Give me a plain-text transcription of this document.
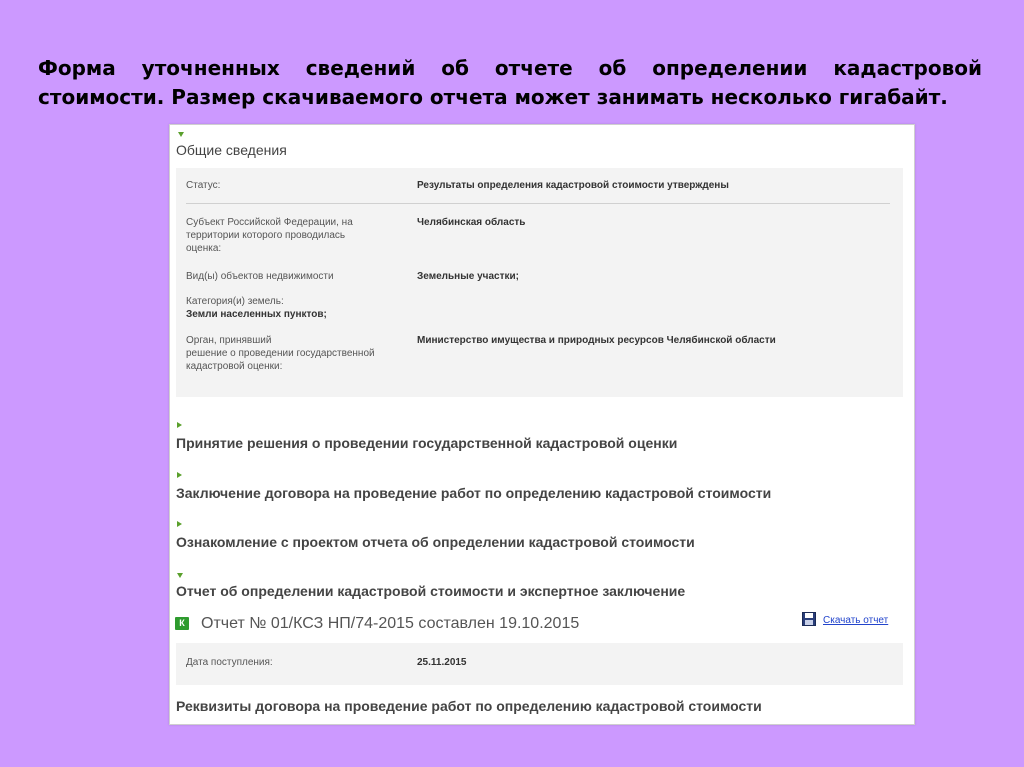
Форма уточненных сведений об отчете об определении кадастровой стоимости. Размер скачиваемого отчета может занимать несколько гигабайт.
Общие сведения
Статус:	Результаты определения кадастровой стоимости утверждены
Субъект Российской Федерации, на
территории которого проводилась
оценка:
Челябинская область
Вид(ы) объектов недвижимости	Земельные участки;
Категория(и) земель:
Земли населенных пунктов;
Орган, принявший
решение о проведении государственной
кадастровой оценки:
Министерство имущества и природных ресурсов Челябинской области
Принятие решения о проведении государственной кадастровой оценки
Заключение договора на проведение работ по определению кадастровой стоимости
Ознакомление с проектом отчета об определении кадастровой стоимости
Отчет об определении кадастровой стоимости и экспертное заключение
К Отчет № 01/КСЗ НП/74-2015 составлен 19.10.2015	Скачать отчет
Дата поступления:	25.11.2015
Реквизиты договора на проведение работ по определению кадастровой стоимости
